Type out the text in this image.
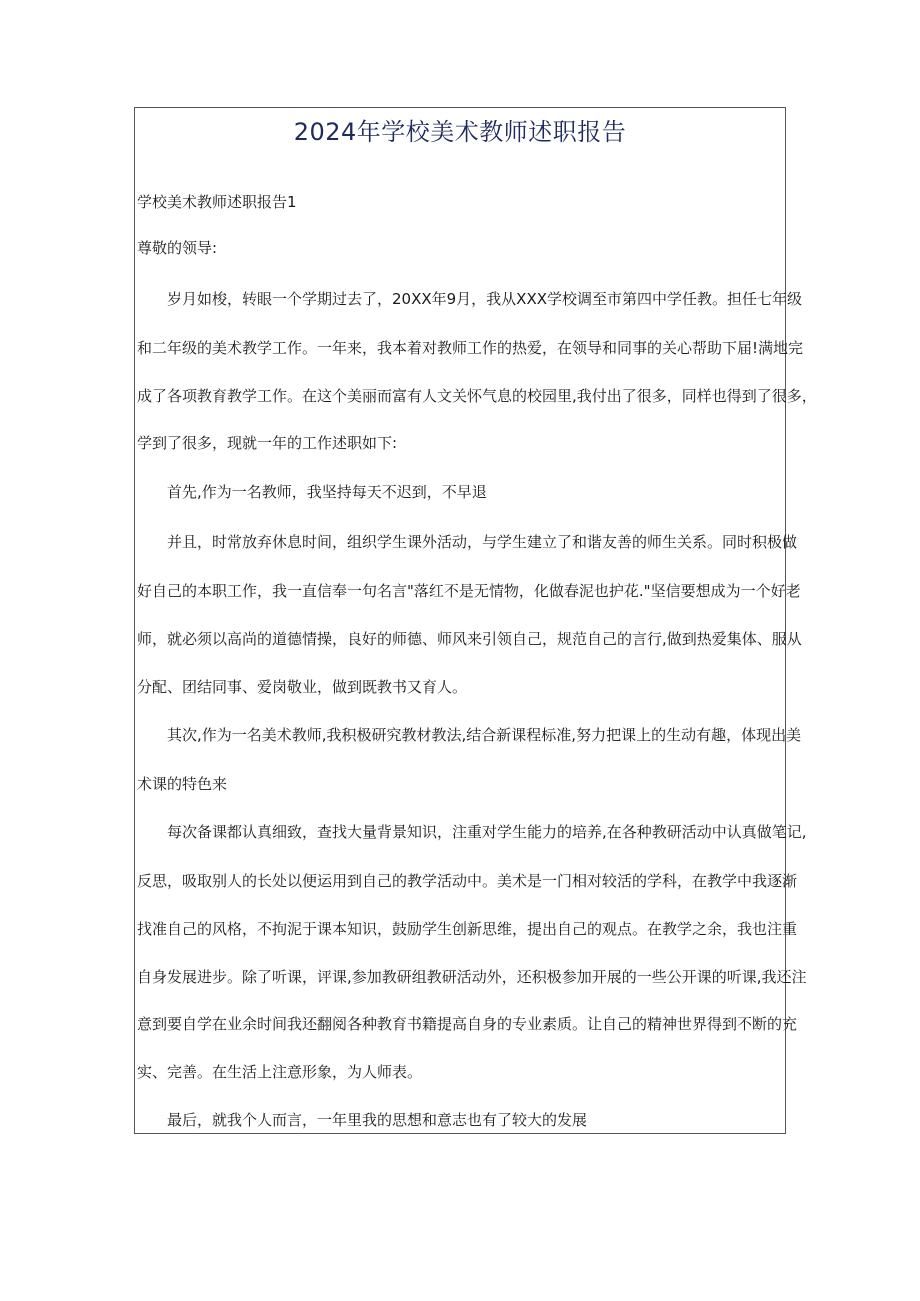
2024年学校美术教师述职报告

学校美术教师述职报告1

尊敬的领导:

岁月如梭，转眼一个学期过去了，20XX年9月，我从XXX学校调至市第四中学任教。担任七年级

和二年级的美术教学工作。一年来，我本着对教师工作的热爱，在领导和同事的关心帮助下届!满地完

成了各项教育教学工作。在这个美丽而富有人文关怀气息的校园里,我付出了很多，同样也得到了很多，

学到了很多，现就一年的工作述职如下:

首先,作为一名教师，我坚持每天不迟到，不早退

并且，时常放弃休息时间，组织学生课外活动，与学生建立了和谐友善的师生关系。同时积极做

好自己的本职工作，我一直信奉一句名言"落红不是无情物，化做春泥也护花."坚信要想成为一个好老

师，就必须以高尚的道德情操，良好的师德、师风来引领自己，规范自己的言行,做到热爱集体、服从

分配、团结同事、爱岗敬业，做到既教书又育人。

其次,作为一名美术教师,我积极研究教材教法,结合新课程标准,努力把课上的生动有趣，体现出美

术课的特色来

每次备课都认真细致，查找大量背景知识，注重对学生能力的培养,在各种教研活动中认真做笔记,

反思，吸取别人的长处以便运用到自己的教学活动中。美术是一门相对较活的学科，在教学中我逐渐

找准自己的风格，不拘泥于课本知识，鼓励学生创新思维，提出自己的观点。在教学之余，我也注重

自身发展进步。除了听课，评课,参加教研组教研活动外，还积极参加开展的一些公开课的听课,我还注

意到要自学在业余时间我还翻阅各种教育书籍提高自身的专业素质。让自己的精神世界得到不断的充

实、完善。在生活上注意形象，为人师表。

最后，就我个人而言，一年里我的思想和意志也有了较大的发展
